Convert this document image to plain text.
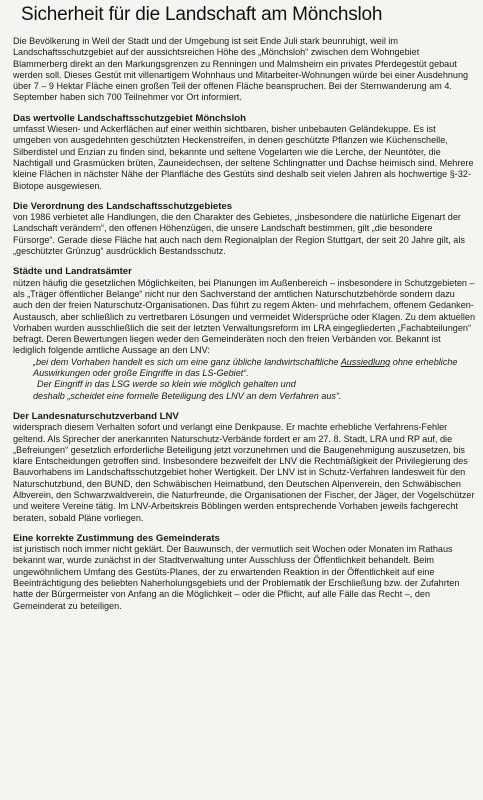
Sicherheit für die Landschaft am Mönchsloh

Die Bevölkerung in Weil der Stadt und der Umgebung ist seit Ende Juli stark beunruhigt, weil im Landschaftsschutzgebiet auf der aussichtsreichen Höhe des „Mönchsloh“ zwischen dem Wohngebiet Blammerberg direkt an den Markungsgrenzen zu Renningen und Malmsheim ein privates Pferdegestüt gebaut werden soll. Dieses Gestüt mit villenartigem Wohnhaus und Mitarbeiter-Wohnungen würde bei einer Ausdehnung über 7 – 9 Hektar Fläche einen großen Teil der offenen Fläche beanspruchen. Bei der Sternwanderung am 4. September haben sich 700 Teilnehmer vor Ort informiert.

Das wertvolle Landschaftsschutzgebiet Mönchsloh

umfasst Wiesen- und Ackerflächen auf einer weithin sichtbaren, bisher unbebauten Geländekuppe. Es ist umgeben von ausgedehnten geschützten Heckenstreifen, in denen geschützte Pflanzen wie Küchenschelle, Silberdistel und Enzian zu finden sind, bekannte und seltene Vogelarten wie die Lerche, der Neuntöter, die Nachtigall und Grasmücken brüten, Zauneidechsen, der seltene Schlingnatter und Dachse heimisch sind. Mehrere kleine Flächen in nächster Nähe der Planfläche des Gestüts sind deshalb seit vielen Jahren als hochwertige §-32-Biotope ausgewiesen.

Die Verordnung des Landschaftsschutzgebietes

von 1986 verbietet alle Handlungen, die den Charakter des Gebietes, „insbesondere die natürliche Eigenart der Landschaft verändern“, den offenen Höhenzügen, die unsere Landschaft bestimmen, gilt „die besondere Fürsorge“. Gerade diese Fläche hat auch nach dem Regionalplan der Region Stuttgart, der seit 20 Jahre gilt, als „geschützter Grünzug“ ausdrücklich Bestandsschutz.

Städte und Landratsämter

nützen häufig die gesetzlichen Möglichkeiten, bei Planungen im Außenbereich – insbesondere in Schutzgebieten – als „Träger öffentlicher Belange“ nicht nur den Sachverstand der amtlichen Naturschutzbehörde sondern dazu auch den der freien Naturschutz-Organisationen. Das führt zu regem Akten- und mehrfachem, offenem Gedanken-Austausch, aber schließlich zu vertretbaren Lösungen und vermeidet Widersprüche oder Klagen. Zu dem aktuellen Vorhaben wurden ausschließlich die seit der letzten Verwaltungsreform im LRA eingegliederten „Fachabteilungen“ befragt. Deren Bewertungen liegen weder den Gemeinderäten noch den freien Verbänden vor. Bekannt ist lediglich folgende amtliche Aussage an den LNV:

„bei dem Vorhaben handelt es sich um eine ganz übliche landwirtschaftliche Aussiedlung ohne erhebliche Auswirkungen oder große Eingriffe in das LS-Gebiet“.

Der Eingriff in das LSG werde so klein wie möglich gehalten und

deshalb „scheidet eine formelle Beteiligung des LNV an dem Verfahren aus“.

Der Landesnaturschutzverband LNV

widersprach diesem Verhalten sofort und verlangt eine Denkpause. Er machte erhebliche Verfahrens-Fehler geltend. Als Sprecher der anerkannten Naturschutz-Verbände fordert er am 27. 8. Stadt, LRA und RP auf, die „Befreiungen“ gesetzlich erforderliche Beteiligung jetzt vorzunehmen und die Baugenehmigung auszusetzen, bis klare Entscheidungen getroffen sind. Insbesondere bezweifelt der LNV die Rechtmäßigkeit der Privilegierung des Bauvorhabens im Landschaftsschutzgebiet hoher Wertigkeit. Der LNV ist in Schutz-Verfahren landesweit für den Naturschutzbund, den BUND, den Schwäbischen Heimatbund, den Deutschen Alpenverein, den Schwäbischen Albverein, den Schwarzwaldverein, die Naturfreunde, die Organisationen der Fischer, der Jäger, der Vogelschützer und weitere Vereine tätig. Im LNV-Arbeitskreis Böblingen werden entsprechende Vorhaben jeweils fachgerecht beraten, sobald Pläne vorliegen.

Eine korrekte Zustimmung des Gemeinderats

ist juristisch noch immer nicht geklärt. Der Bauwunsch, der vermutlich seit Wochen oder Monaten im Rathaus bekannt war, wurde zunächst in der Stadtverwaltung unter Ausschluss der Öffentlichkeit behandelt. Beim ungewöhnlichem Umfang des Gestüts-Planes, der zu erwartenden Reaktion in der Öffentlichkeit auf eine Beeinträchtigung des beliebten Naherholungsgebiets und der Problematik der Erschließung bzw. der Zufahrten hatte der Bürgermeister von Anfang an die Möglichkeit – oder die Pflicht, auf alle Fälle das Recht –, den Gemeinderat zu beteiligen.
